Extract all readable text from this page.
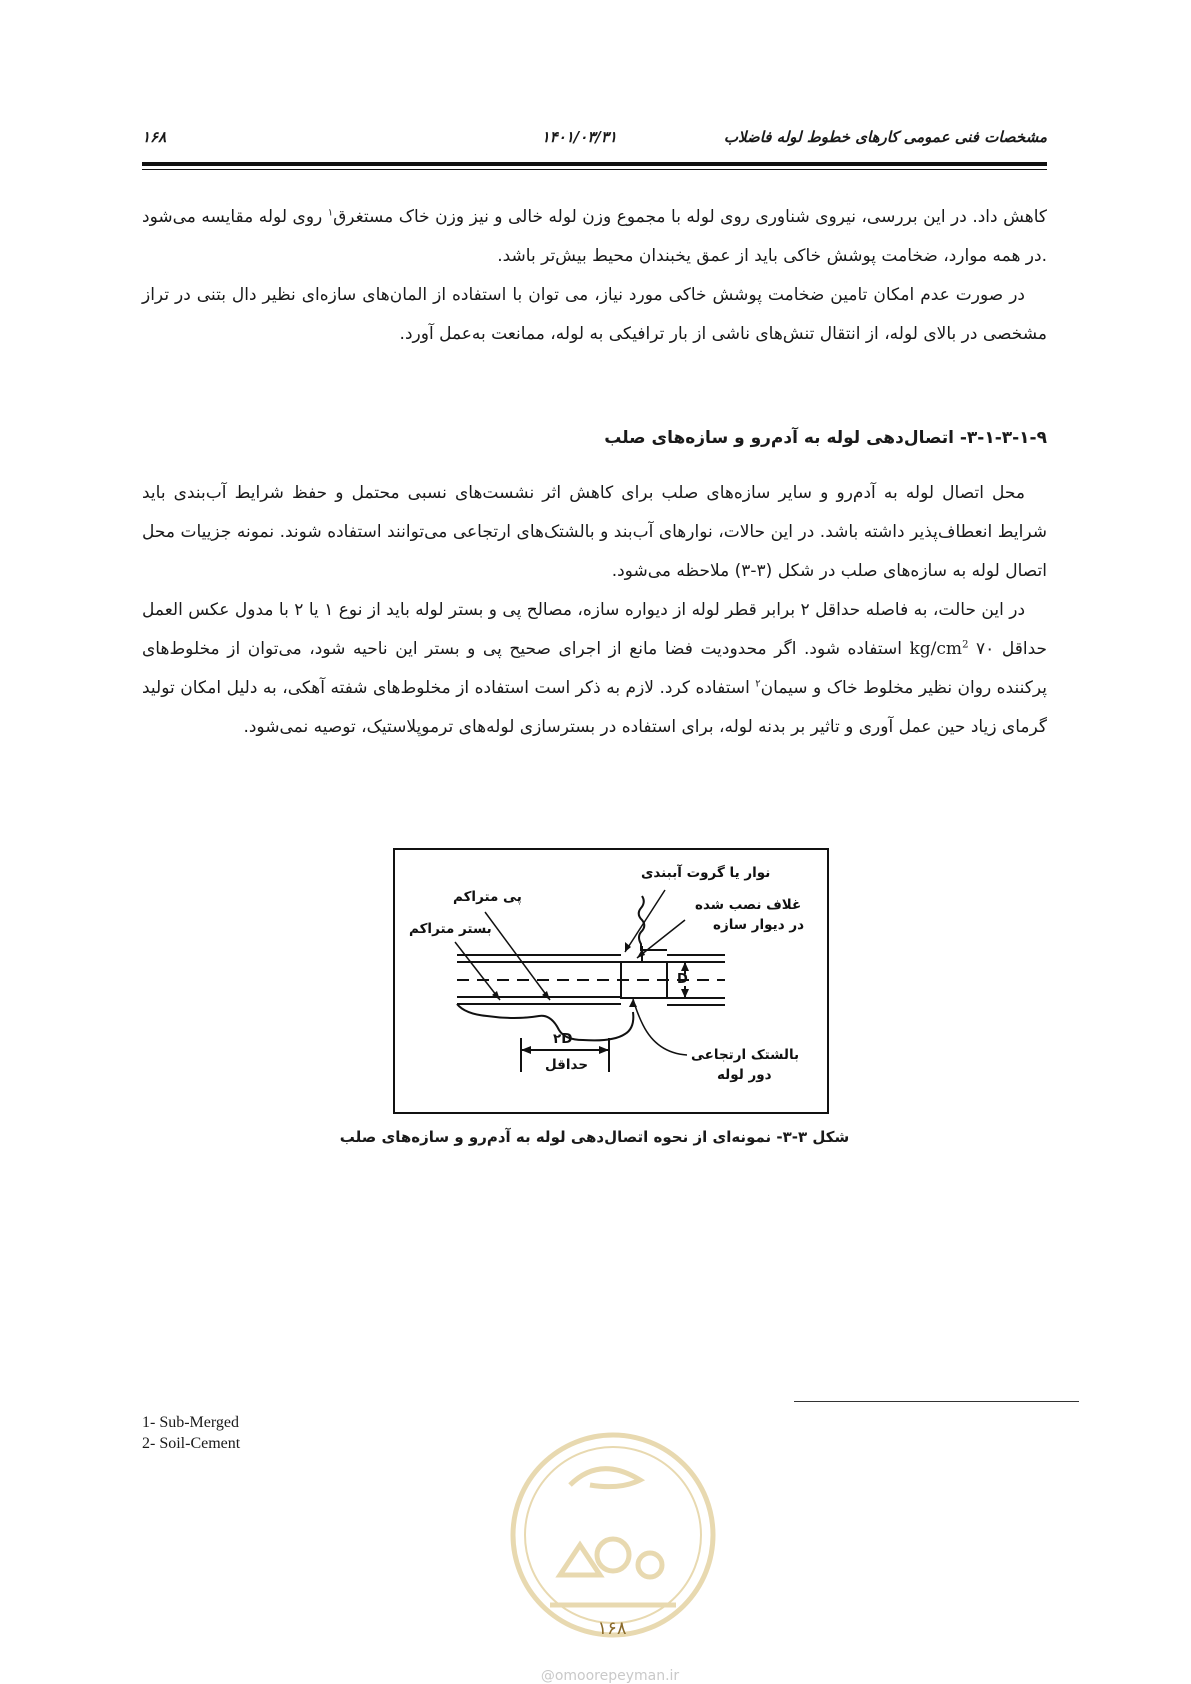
مشخصات فنی عمومی کارهای خطوط لوله فاضلاب
۱۴۰۱/۰۳/۳۱
۱۶۸

کاهش داد. در این بررسی، نیروی شناوری روی لوله با مجموع وزن لوله خالی و نیز وزن خاک مستغرق$^۱$ روی لوله مقایسه می‌شود .در همه موارد، ضخامت پوشش خاکی باید از عمق یخبندان محیط بیش‌تر باشد.

در صورت عدم امکان تامین ضخامت پوشش خاکی مورد نیاز، می توان با استفاده از المان‌های سازه‌ای نظیر دال بتنی در تراز مشخصی در بالای لوله، از انتقال تنش‌های ناشی از بار ترافیکی به لوله، ممانعت به‌عمل آورد.

۳-۱-۳-۱-۹- اتصال‌دهی لوله به آدم‌رو و سازه‌های صلب

محل اتصال لوله به آدم‌رو و سایر سازه‌های صلب برای کاهش اثر نشست‌های نسبی محتمل و حفظ شرایط آب‌بندی باید شرایط انعطاف‌پذیر داشته باشد. در این حالات، نوارهای آب‌بند و بالشتک‌های ارتجاعی می‌توانند استفاده شوند. نمونه جزییات محل اتصال لوله به سازه‌های صلب در شکل (۳-۳) ملاحظه می‌شود.

در این حالت، به فاصله حداقل ۲ برابر قطر لوله از دیواره سازه، مصالح پی و بستر لوله باید از نوع ۱ یا ۲ با مدول عکس العمل حداقل ۷۰ $kg/cm^2$ استفاده شود. اگر محدودیت فضا مانع از اجرای صحیح پی و بستر این ناحیه شود، می‌توان از مخلوط‌های پرکننده روان نظیر مخلوط خاک و سیمان$^۲$ استفاده کرد. لازم به ذکر است استفاده از مخلوط‌های شفته آهکی، به دلیل امکان تولید گرمای زیاد حین عمل آوری و تاثیر بر بدنه لوله، برای استفاده در بسترسازی لوله‌های ترموپلاستیک، توصیه نمی‌شود.

نوار یا گروت آببندی
پی متراکم	غلاف نصب شده
در دیوار سازه
بستر متراکم
D
۲D
حداقل
بالشتک ارتجاعی
دور لوله
شکل ۳-۳- نمونه‌ای از نحوه اتصال‌دهی لوله به آدم‌رو و سازه‌های صلب
1- Sub-Merged
2- Soil-Cement
۱۶۸
@omoorepeyman.ir
